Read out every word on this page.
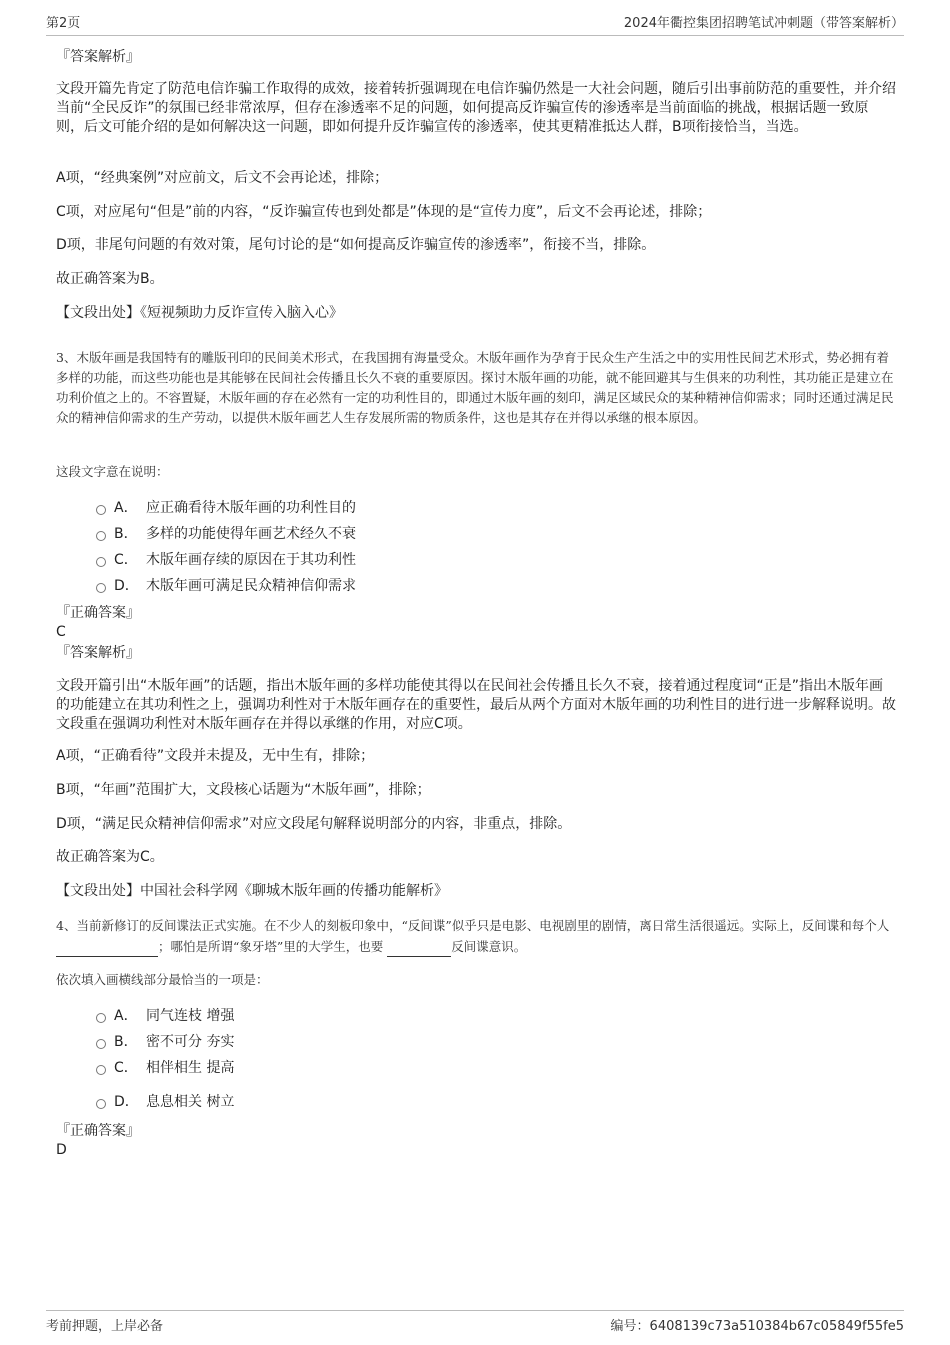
第2页	2024年衢控集团招聘笔试冲刺题（带答案解析）
『答案解析』
文段开篇先肯定了防范电信诈骗工作取得的成效，接着转折强调现在电信诈骗仍然是一大社会问题，随后引出事前防范的重要性，并介绍当前“全民反诈”的氛围已经非常浓厚，但存在渗透率不足的问题，如何提高反诈骗宣传的渗透率是当前面临的挑战，根据话题一致原则，后文可能介绍的是如何解决这一问题，即如何提升反诈骗宣传的渗透率，使其更精准抵达人群，B项衔接恰当，当选。
A项，“经典案例”对应前文，后文不会再论述，排除；
C项，对应尾句“但是”前的内容，“反诈骗宣传也到处都是”体现的是“宣传力度”，后文不会再论述，排除；
D项，非尾句问题的有效对策，尾句讨论的是“如何提高反诈骗宣传的渗透率”，衔接不当，排除。
故正确答案为B。
【文段出处】《短视频助力反诈宣传入脑入心》
3、木版年画是我国特有的雕版刊印的民间美术形式，在我国拥有海量受众。木版年画作为孕育于民众生产生活之中的实用性民间艺术形式，势必拥有着多样的功能，而这些功能也是其能够在民间社会传播且长久不衰的重要原因。探讨木版年画的功能，就不能回避其与生俱来的功利性，其功能正是建立在功利价值之上的。不容置疑，木版年画的存在必然有一定的功利性目的，即通过木版年画的刻印，满足区域民众的某种精神信仰需求；同时还通过满足民众的精神信仰需求的生产劳动，以提供木版年画艺人生存发展所需的物质条件，这也是其存在并得以承继的根本原因。
这段文字意在说明：
A． 应正确看待木版年画的功利性目的
B． 多样的功能使得年画艺术经久不衰
C． 木版年画存续的原因在于其功利性
D． 木版年画可满足民众精神信仰需求
『正确答案』
C
『答案解析』
文段开篇引出“木版年画”的话题，指出木版年画的多样功能使其得以在民间社会传播且长久不衰，接着通过程度词“正是”指出木版年画的功能建立在其功利性之上，强调功利性对于木版年画存在的重要性，最后从两个方面对木版年画的功利性目的进行进一步解释说明。故文段重在强调功利性对木版年画存在并得以承继的作用，对应C项。
A项，“正确看待”文段并未提及，无中生有，排除；
B项，“年画”范围扩大，文段核心话题为“木版年画”，排除；
D项，“满足民众精神信仰需求”对应文段尾句解释说明部分的内容，非重点，排除。
故正确答案为C。
【文段出处】中国社会科学网《聊城木版年画的传播功能解析》
4、当前新修订的反间谍法正式实施。在不少人的刻板印象中，“反间谍”似乎只是电影、电视剧里的剧情，离日常生活很遥远。实际上，反间谍和每个人  ；哪怕是所谓“象牙塔”里的大学生，也要	反间谍意识。
依次填入画横线部分最恰当的一项是：
A． 同气连枝 增强
B． 密不可分 夯实
C． 相伴相生 提高
D． 息息相关 树立
『正确答案』
D
考前押题，上岸必备	编号：6408139c73a510384b67c05849f55fe5
